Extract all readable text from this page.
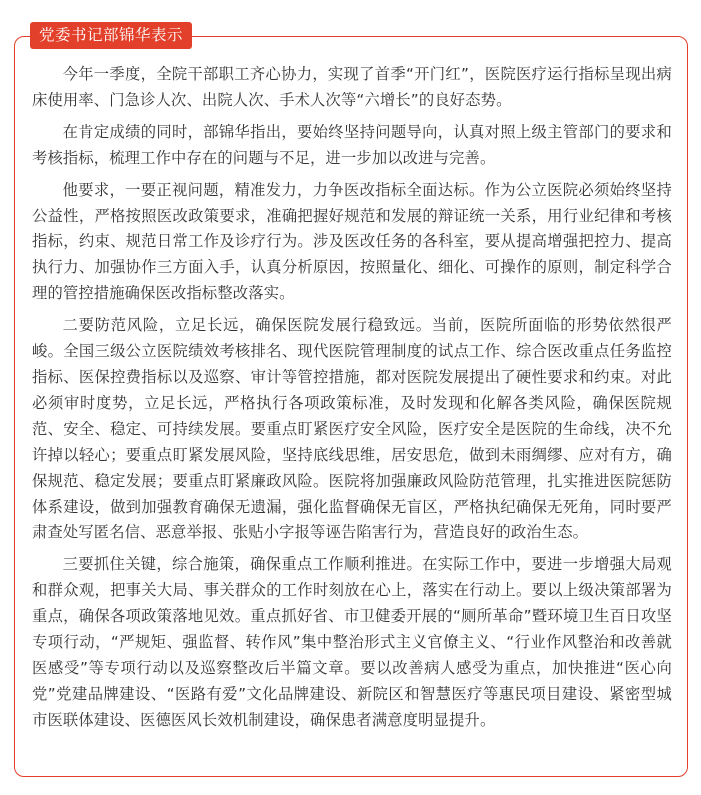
党委书记部锦华表示

今年一季度，全院干部职工齐心协力，实现了首季“开门红”，医院医疗运行指标呈现出病床使用率、门急诊人次、出院人次、手术人次等“六增长”的良好态势。

在肯定成绩的同时，部锦华指出，要始终坚持问题导向，认真对照上级主管部门的要求和考核指标，梳理工作中存在的问题与不足，进一步加以改进与完善。

他要求，一要正视问题，精准发力，力争医改指标全面达标。作为公立医院必须始终坚持公益性，严格按照医改政策要求，准确把握好规范和发展的辩证统一关系，用行业纪律和考核指标，约束、规范日常工作及诊疗行为。涉及医改任务的各科室，要从提高增强把控力、提高执行力、加强协作三方面入手，认真分析原因，按照量化、细化、可操作的原则，制定科学合理的管控措施确保医改指标整改落实。

二要防范风险，立足长远，确保医院发展行稳致远。当前，医院所面临的形势依然很严峻。全国三级公立医院绩效考核排名、现代医院管理制度的试点工作、综合医改重点任务监控指标、医保控费指标以及巡察、审计等管控措施，都对医院发展提出了硬性要求和约束。对此必须审时度势，立足长远，严格执行各项政策标准，及时发现和化解各类风险，确保医院规范、安全、稳定、可持续发展。要重点盯紧医疗安全风险，医疗安全是医院的生命线，决不允许掉以轻心；要重点盯紧发展风险，坚持底线思维，居安思危，做到未雨绸缪、应对有方，确保规范、稳定发展；要重点盯紧廉政风险。医院将加强廉政风险防范管理，扎实推进医院惩防体系建设，做到加强教育确保无遗漏，强化监督确保无盲区，严格执纪确保无死角，同时要严肃查处写匿名信、恶意举报、张贴小字报等诬告陷害行为，营造良好的政治生态。

三要抓住关键，综合施策，确保重点工作顺利推进。在实际工作中，要进一步增强大局观和群众观，把事关大局、事关群众的工作时刻放在心上，落实在行动上。要以上级决策部署为重点，确保各项政策落地见效。重点抓好省、市卫健委开展的“厕所革命”暨环境卫生百日攻坚专项行动，“严规矩、强监督、转作风”集中整治形式主义官僚主义、“行业作风整治和改善就医感受”等专项行动以及巡察整改后半篇文章。要以改善病人感受为重点，加快推进“医心向党”党建品牌建设、“医路有爱”文化品牌建设、新院区和智慧医疗等惠民项目建设、紧密型城市医联体建设、医德医风长效机制建设，确保患者满意度明显提升。
